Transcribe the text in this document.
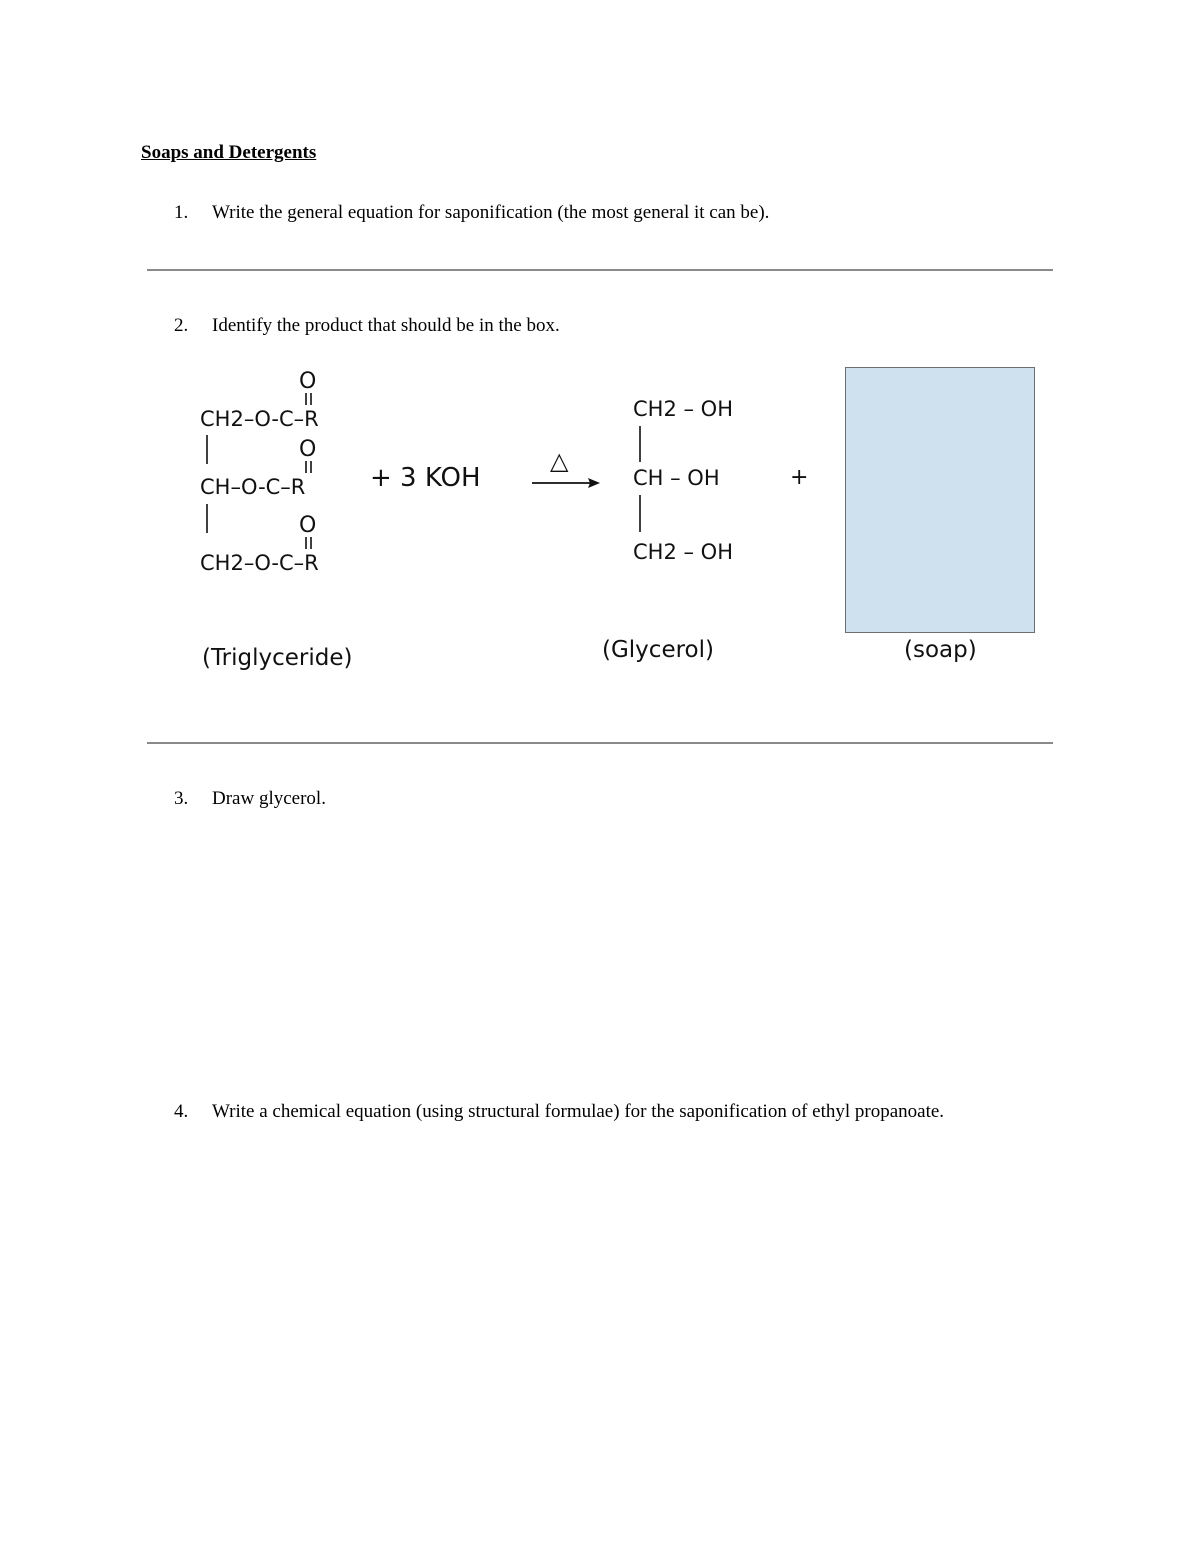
Soaps and Detergents
1.	Write the general equation for saponification (the most general it can be).
2.	Identify the product that should be in the box.
O
CH2–O-C–R
O
CH–O-C–R
O
CH2–O-C–R
+ 3 KOH
△
CH2 – OH
CH – OH
CH2 – OH
+
(Triglyceride)	(Glycerol)	(soap)
3.	Draw glycerol.
4.	Write a chemical equation (using structural formulae) for the saponification of ethyl propanoate.
